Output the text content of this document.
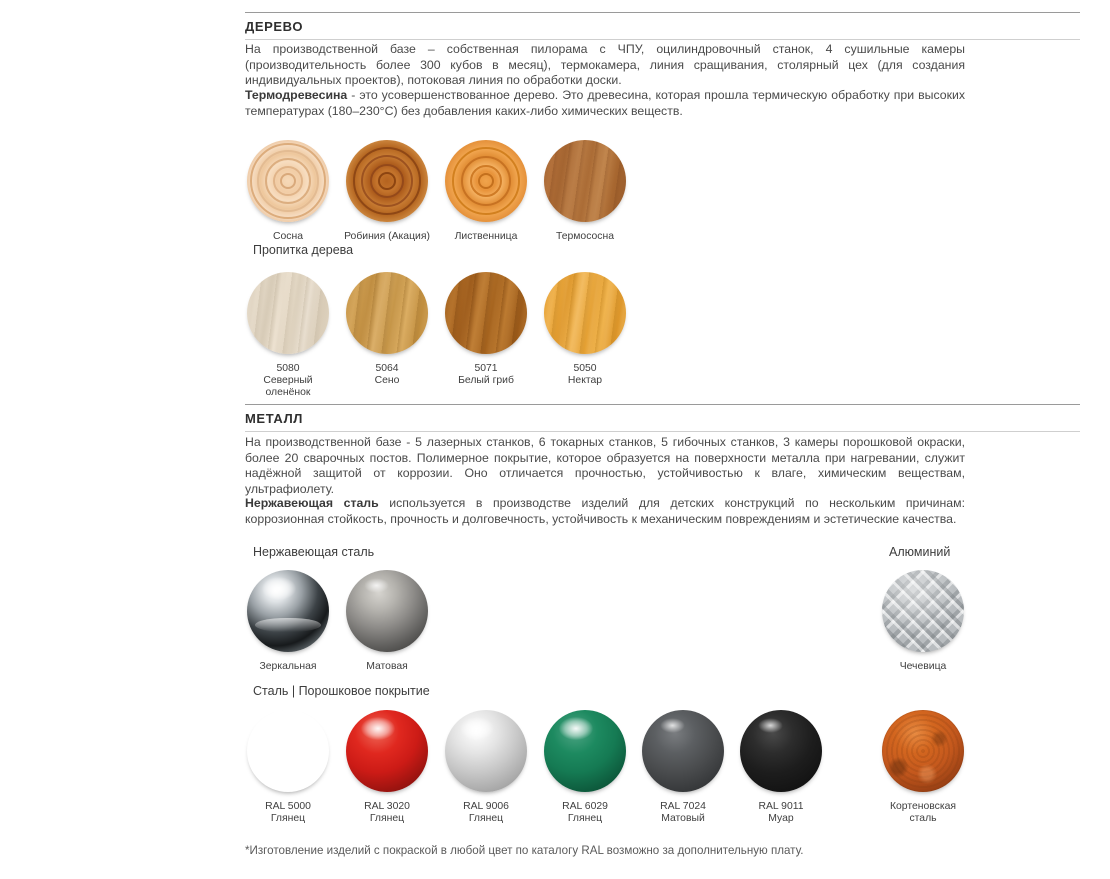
ДЕРЕВО
На производственной базе – собственная пилорама с ЧПУ, оцилиндровочный станок, 4 сушильные камеры (производительность более 300 кубов в месяц), термокамера, линия сращивания, столярный цех (для создания индивидуальных проектов), потоковая линия по обработки доски.
Термодревесина - это усовершенствованное дерево. Это древесина, которая прошла термическую обработку при высоких температурах (180–230°C) без добавления каких-либо химических веществ.
Сосна	Робиния (Акация)	Лиственница	Термососна
Пропитка дерева
5080
Северный оленёнок
5064
Сено
5071
Белый гриб
5050
Нектар
МЕТАЛЛ
На производственной базе - 5 лазерных станков, 6 токарных станков, 5 гибочных станков, 3 камеры порошковой окраски, более 20 сварочных постов. Полимерное покрытие, которое образуется на поверхности металла при нагревании, служит надёжной защитой от коррозии. Оно отличается прочностью, устойчивостью к влаге, химическим веществам, ультрафиолету.
Нержавеющая сталь используется в производстве изделий для детских конструкций по нескольким причинам: коррозионная стойкость, прочность и долговечность, устойчивость к механическим повреждениям и эстетические качества.
Нержавеющая сталь	Алюминий
Зеркальная	Матовая	Чечевица
Сталь | Порошковое покрытие
RAL 5000
Глянец
RAL 3020
Глянец
RAL 9006
Глянец
RAL 6029
Глянец
RAL 7024
Матовый
RAL 9011
Муар
Кортеновская сталь
*Изготовление изделий с покраской в любой цвет по каталогу RAL возможно за дополнительную плату.
